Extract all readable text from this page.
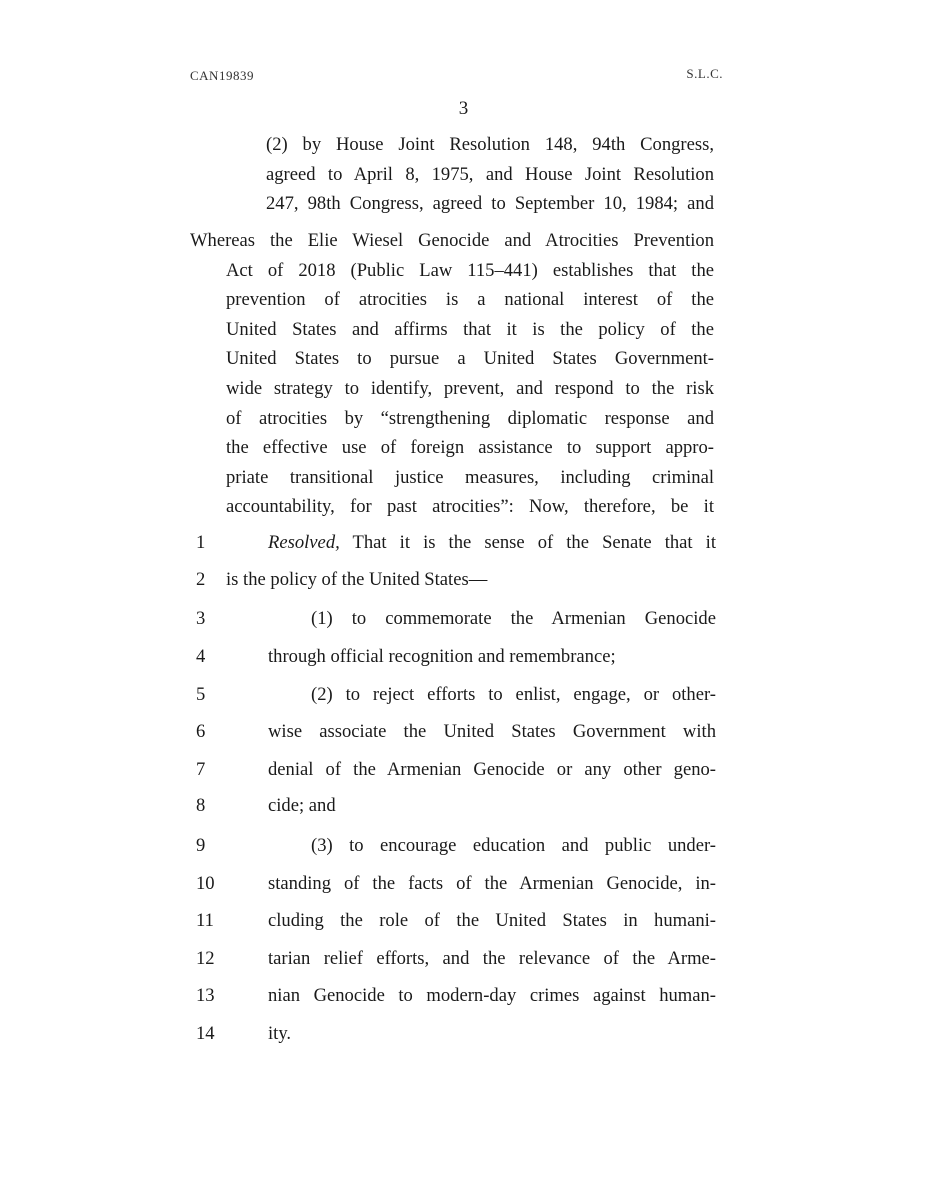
CAN19839	S.L.C.
3
(2) by House Joint Resolution 148, 94th Congress,
agreed to April 8, 1975, and House Joint Resolution
247, 98th Congress, agreed to September 10, 1984; and
Whereas the Elie Wiesel Genocide and Atrocities Prevention
Act of 2018 (Public Law 115–441) establishes that the
prevention of atrocities is a national interest of the
United States and affirms that it is the policy of the
United States to pursue a United States Government-
wide strategy to identify, prevent, and respond to the risk
of atrocities by “strengthening diplomatic response and
the effective use of foreign assistance to support appro-
priate transitional justice measures, including criminal
accountability, for past atrocities”: Now, therefore, be it
1	Resolved, That it is the sense of the Senate that it
2	is the policy of the United States—
3	(1) to commemorate the Armenian Genocide
4	through official recognition and remembrance;
5	(2) to reject efforts to enlist, engage, or other-
6	wise associate the United States Government with
7	denial of the Armenian Genocide or any other geno-
8	cide; and
9	(3) to encourage education and public under-
10	standing of the facts of the Armenian Genocide, in-
11	cluding the role of the United States in humani-
12	tarian relief efforts, and the relevance of the Arme-
13	nian Genocide to modern-day crimes against human-
14	ity.
